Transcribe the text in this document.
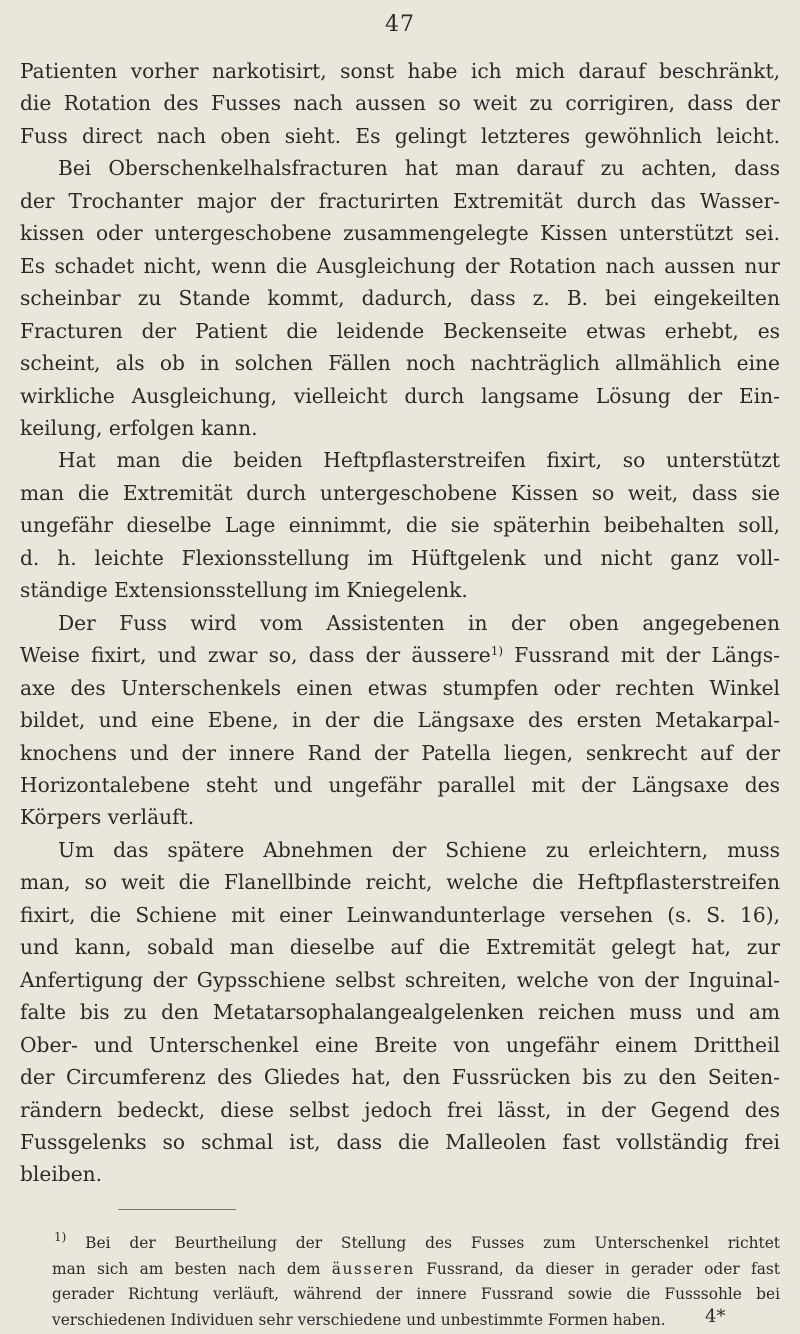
47
Patienten vorher narkotisirt, sonst habe ich mich darauf beschränkt,
die Rotation des Fusses nach aussen so weit zu corrigiren, dass der
Fuss direct nach oben sieht. Es gelingt letzteres gewöhnlich leicht.
Bei Oberschenkelhalsfracturen hat man darauf zu achten, dass
der Trochanter major der fracturirten Extremität durch das Wasser-
kissen oder untergeschobene zusammengelegte Kissen unterstützt sei.
Es schadet nicht, wenn die Ausgleichung der Rotation nach aussen nur
scheinbar zu Stande kommt, dadurch, dass z. B. bei eingekeilten
Fracturen der Patient die leidende Beckenseite etwas erhebt, es
scheint, als ob in solchen Fällen noch nachträglich allmählich eine
wirkliche Ausgleichung, vielleicht durch langsame Lösung der Ein-
keilung, erfolgen kann.
Hat man die beiden Heftpflasterstreifen fixirt, so unterstützt
man die Extremität durch untergeschobene Kissen so weit, dass sie
ungefähr dieselbe Lage einnimmt, die sie späterhin beibehalten soll,
d. h. leichte Flexionsstellung im Hüftgelenk und nicht ganz voll-
ständige Extensionsstellung im Kniegelenk.
Der Fuss wird vom Assistenten in der oben angegebenen
Weise fixirt, und zwar so, dass der äussere$^{1)}$ Fussrand mit der Längs-
axe des Unterschenkels einen etwas stumpfen oder rechten Winkel
bildet, und eine Ebene, in der die Längsaxe des ersten Metakarpal-
knochens und der innere Rand der Patella liegen, senkrecht auf der
Horizontalebene steht und ungefähr parallel mit der Längsaxe des
Körpers verläuft.
Um das spätere Abnehmen der Schiene zu erleichtern, muss
man, so weit die Flanellbinde reicht, welche die Heftpflasterstreifen
fixirt, die Schiene mit einer Leinwandunterlage versehen (s. S. 16),
und kann, sobald man dieselbe auf die Extremität gelegt hat, zur
Anfertigung der Gypsschiene selbst schreiten, welche von der Inguinal-
falte bis zu den Metatarsophalangealgelenken reichen muss und am
Ober- und Unterschenkel eine Breite von ungefähr einem Drittheil
der Circumferenz des Gliedes hat, den Fussrücken bis zu den Seiten-
rändern bedeckt, diese selbst jedoch frei lässt, in der Gegend des
Fussgelenks so schmal ist, dass die Malleolen fast vollständig frei
bleiben.
$^{1)}$ Bei der Beurtheilung der Stellung des Fusses zum Unterschenkel richtet
man sich am besten nach dem äusseren Fussrand, da dieser in gerader oder fast
gerader Richtung verläuft, während der innere Fussrand sowie die Fusssohle bei
verschiedenen Individuen sehr verschiedene und unbestimmte Formen haben.	4*
